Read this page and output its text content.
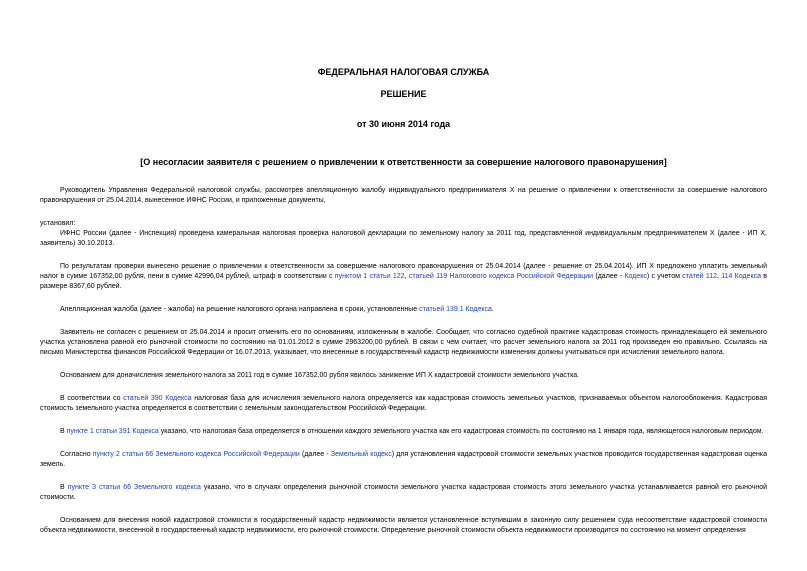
ФЕДЕРАЛЬНАЯ НАЛОГОВАЯ СЛУЖБА
РЕШЕНИЕ
от 30 июня 2014 года
[О несогласии заявителя с решением о привлечении к ответственности за совершение налогового правонарушения]

Руководитель Управления Федеральной налоговой службы, рассмотрев апелляционную жалобу индивидуального предпринимателя Х на решение о привлечении к ответственности за совершение налогового правонарушения от 25.04.2014, вынесенное ИФНС России, и приложенные документы,

установил:

ИФНС России (далее - Инспекция) проведена камеральная налоговая проверка налоговой декларации по земельному налогу за 2011 год, представленной индивидуальным предпринимателем Х (далее - ИП Х, заявитель) 30.10.2013.

По результатам проверки вынесено решение о привлечении к ответственности за совершение налогового правонарушения от 25.04.2014 (далее - решение от 25.04.2014). ИП Х предложено уплатить земельный налог в сумме 167352,00 рубля, пени в сумме 42996,04 рублей, штраф в соответствии с пунктом 1 статьи 122, статьей 119 Налогового кодекса Российской Федерации (далее - Кодекс) с учетом статей 112, 114 Кодекса в размере 8367,60 рублей.

Апелляционная жалоба (далее - жалоба) на решение налогового органа направлена в сроки, установленные статьей 139.1 Кодекса.

Заявитель не согласен с решением от 25.04.2014 и просит отменить его по основаниям, изложенным в жалобе. Сообщает, что согласно судебной практике кадастровая стоимость принадлежащего ей земельного участка установлена равной его рыночной стоимости по состоянию на 01.01.2012 в сумме 2963200,00 рублей. В связи с чем считает, что расчет земельного налога за 2011 год произведен ею правильно. Ссылаясь на письмо Министерства финансов Российской Федерации от 16.07.2013, указывает, что внесенные в государственный кадастр недвижимости изменения должны учитываться при исчислении земельного налога.

Основанием для доначисления земельного налога за 2011 год в сумме 167352,00 рубля явилось занижение ИП Х кадастровой стоимости земельного участка.

В соответствии со статьей 390 Кодекса налоговая база для исчисления земельного налога определяется как кадастровая стоимость земельных участков, признаваемых объектом налогообложения. Кадастровая стоимость земельного участка определяется в соответствии с земельным законодательством Российской Федерации.

В пункте 1 статьи 391 Кодекса указано, что налоговая база определяется в отношении каждого земельного участка как его кадастровая стоимость по состоянию на 1 января года, являющегося налоговым периодом.

Согласно пункту 2 статьи 66 Земельного кодекса Российской Федерации (далее - Земельный кодекс) для установления кадастровой стоимости земельных участков проводится государственная кадастровая оценка земель.

В пункте 3 статьи 66 Земельного кодекса указано, что в случаях определения рыночной стоимости земельного участка кадастровая стоимость этого земельного участка устанавливается равной его рыночной стоимости.

Основанием для внесения новой кадастровой стоимости в государственный кадастр недвижимости является установленное вступившим в законную силу решением суда несоответствие кадастровой стоимости объекта недвижимости, внесенной в государственный кадастр недвижимости, его рыночной стоимости. Определение рыночной стоимости объекта недвижимости производится по состоянию на момент определения
